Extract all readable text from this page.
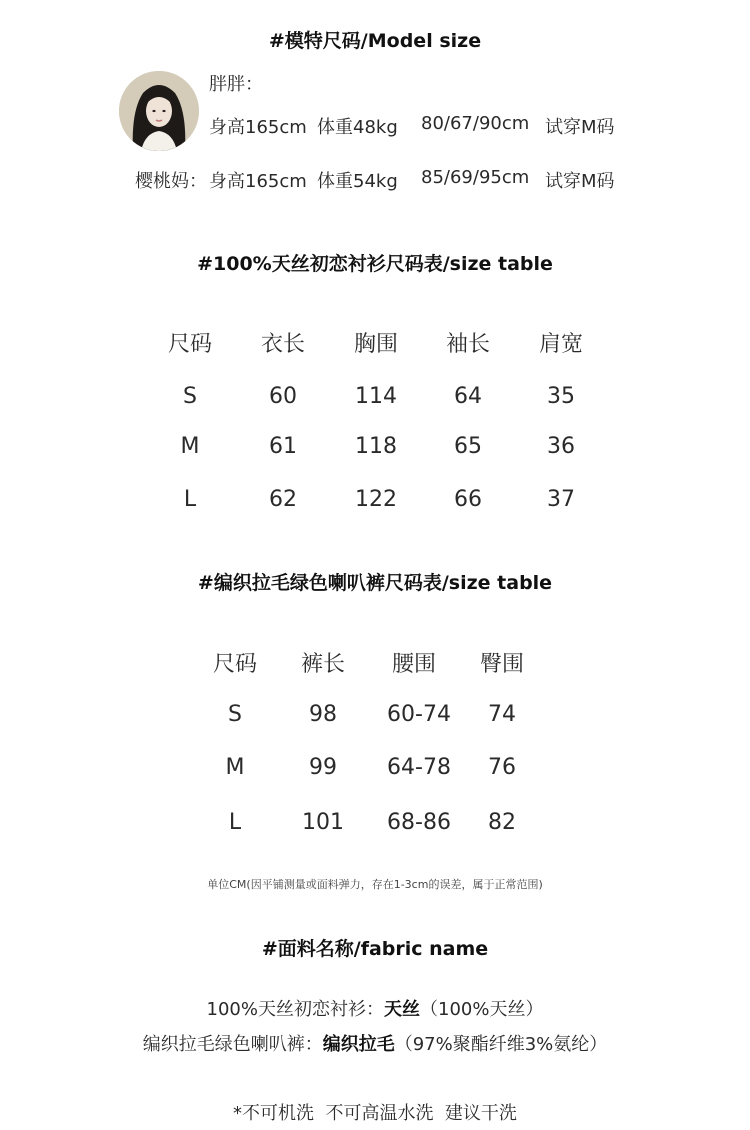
#模特尺码/Model size
胖胖：
身高165cm 体重48kg 80/67/90cm 试穿M码
樱桃妈： 身高165cm 体重54kg 85/69/95cm 试穿M码
#100%天丝初恋衬衫尺码表/size table
尺码	衣长	胸围	袖长	肩宽
S	60	114	64	35
M	61	118	65	36
L	62	122	66	37
#编织拉毛绿色喇叭裤尺码表/size table
尺码	裤长	腰围	臀围
S	98	60-74	74
M	99	64-78	76
L	101	68-86	82
单位CM(因平铺测量或面料弹力，存在1-3cm的误差，属于正常范围)
#面料名称/fabric name
100%天丝初恋衬衫：天丝（100%天丝）
编织拉毛绿色喇叭裤：编织拉毛（97%聚酯纤维3%氨纶）
*不可机洗  不可高温水洗  建议干洗
